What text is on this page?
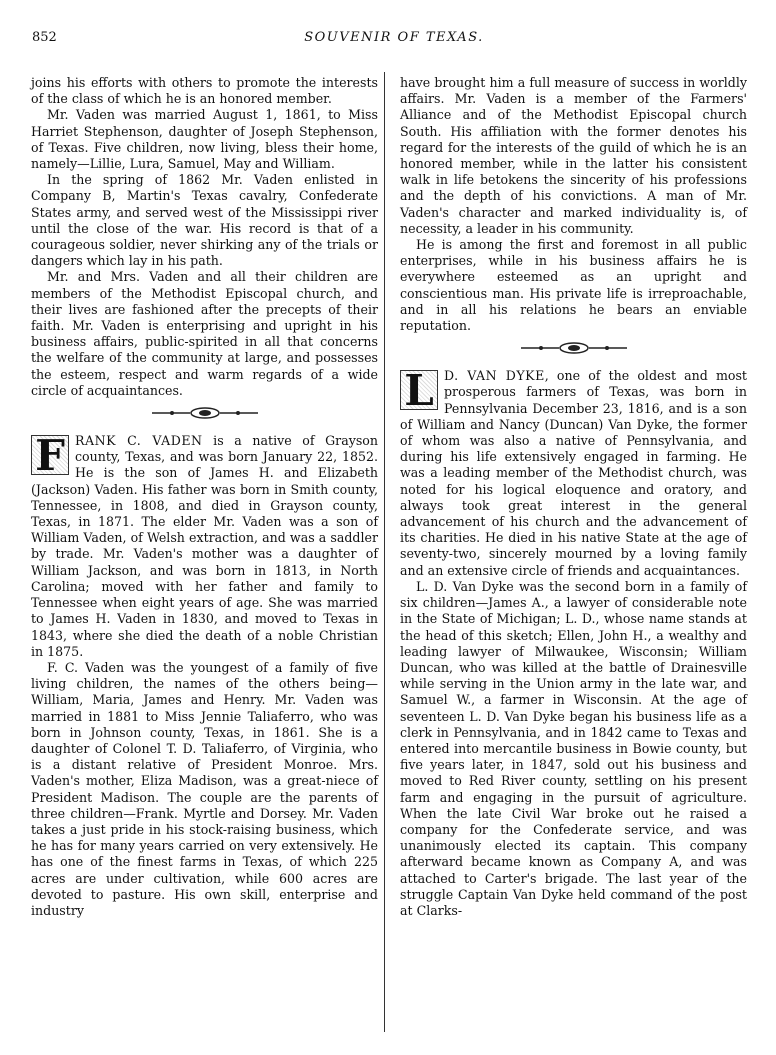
852	SOUVENIR OF TEXAS.

joins his efforts with others to promote the interests of the class of which he is an honored member.

Mr. Vaden was married August 1, 1861, to Miss Harriet Stephenson, daughter of Joseph Stephenson, of Texas. Five children, now living, bless their home, namely—Lillie, Lura, Samuel, May and William.

In the spring of 1862 Mr. Vaden enlisted in Company B, Martin's Texas cavalry, Confederate States army, and served west of the Mississippi river until the close of the war. His record is that of a courageous soldier, never shirking any of the trials or dangers which lay in his path.

Mr. and Mrs. Vaden and all their children are members of the Methodist Episcopal church, and their lives are fashioned after the precepts of their faith. Mr. Vaden is enterprising and upright in his business affairs, public-spirited in all that concerns the welfare of the community at large, and possesses the esteem, respect and warm regards of a wide circle of acquaintances.

F RANK C. VADEN is a native of Grayson county, Texas, and was born January 22, 1852. He is the son of James H. and Elizabeth (Jackson) Vaden. His father was born in Smith county, Tennessee, in 1808, and died in Grayson county, Texas, in 1871. The elder Mr. Vaden was a son of William Vaden, of Welsh extraction, and was a saddler by trade. Mr. Vaden's mother was a daughter of William Jackson, and was born in 1813, in North Carolina; moved with her father and family to Tennessee when eight years of age. She was married to James H. Vaden in 1830, and moved to Texas in 1843, where she died the death of a noble Christian in 1875.

F. C. Vaden was the youngest of a family of five living children, the names of the others being—William, Maria, James and Henry. Mr. Vaden was married in 1881 to Miss Jennie Taliaferro, who was born in Johnson county, Texas, in 1861. She is a daughter of Colonel T. D. Taliaferro, of Virginia, who is a distant relative of President Monroe. Mrs. Vaden's mother, Eliza Madison, was a great-niece of President Madison. The couple are the parents of three children—Frank. Myrtle and Dorsey. Mr. Vaden takes a just pride in his stock-raising business, which he has for many years carried on very extensively. He has one of the finest farms in Texas, of which 225 acres are under cultivation, while 600 acres are devoted to pasture. His own skill, enterprise and industry

have brought him a full measure of success in worldly affairs. Mr. Vaden is a member of the Farmers' Alliance and of the Methodist Episcopal church South. His affiliation with the former denotes his regard for the interests of the guild of which he is an honored member, while in the latter his consistent walk in life betokens the sincerity of his professions and the depth of his convictions. A man of Mr. Vaden's character and marked individuality is, of necessity, a leader in his community.

He is among the first and foremost in all public enterprises, while in his business affairs he is everywhere esteemed as an upright and conscientious man. His private life is irreproachable, and in all his relations he bears an enviable reputation.

L D. VAN DYKE, one of the oldest and most prosperous farmers of Texas, was born in Pennsylvania December 23, 1816, and is a son of William and Nancy (Duncan) Van Dyke, the former of whom was also a native of Pennsylvania, and during his life extensively engaged in farming. He was a leading member of the Methodist church, was noted for his logical eloquence and oratory, and always took great interest in the general advancement of his church and the advancement of its charities. He died in his native State at the age of seventy-two, sincerely mourned by a loving family and an extensive circle of friends and acquaintances.

L. D. Van Dyke was the second born in a family of six children—James A., a lawyer of considerable note in the State of Michigan; L. D., whose name stands at the head of this sketch; Ellen, John H., a wealthy and leading lawyer of Milwaukee, Wisconsin; William Duncan, who was killed at the battle of Drainesville while serving in the Union army in the late war, and Samuel W., a farmer in Wisconsin. At the age of seventeen L. D. Van Dyke began his business life as a clerk in Pennsylvania, and in 1842 came to Texas and entered into mercantile business in Bowie county, but five years later, in 1847, sold out his business and moved to Red River county, settling on his present farm and engaging in the pursuit of agriculture. When the late Civil War broke out he raised a company for the Confederate service, and was unanimously elected its captain. This company afterward became known as Company A, and was attached to Carter's brigade. The last year of the struggle Captain Van Dyke held command of the post at Clarks-
